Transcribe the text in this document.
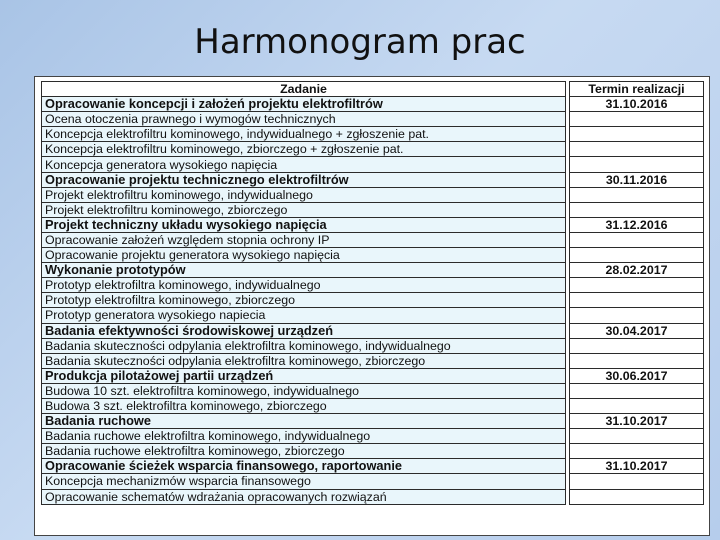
Harmonogram prac
Zadanie		Termin realizacji
Opracowanie koncepcji i założeń projektu elektrofiltrów		31.10.2016
Ocena otoczenia prawnego i wymogów technicznych		
Koncepcja elektrofiltru kominowego, indywidualnego + zgłoszenie pat.		
Koncepcja elektrofiltru kominowego, zbiorczego + zgłoszenie pat.		
Koncepcja generatora wysokiego napięcia		
Opracowanie projektu technicznego elektrofiltrów		30.11.2016
Projekt elektrofiltru kominowego, indywidualnego		
Projekt elektrofiltru kominowego, zbiorczego		
Projekt techniczny układu wysokiego napięcia		31.12.2016
Opracowanie założeń względem stopnia ochrony IP		
Opracowanie projektu generatora wysokiego napięcia		
Wykonanie prototypów		28.02.2017
Prototyp elektrofiltra kominowego, indywidualnego		
Prototyp elektrofiltra kominowego, zbiorczego		
Prototyp generatora wysokiego napiecia		
Badania efektywności środowiskowej urządzeń		30.04.2017
Badania skuteczności odpylania elektrofiltra kominowego, indywidualnego		
Badania skuteczności odpylania elektrofiltra kominowego, zbiorczego		
Produkcja pilotażowej partii urządzeń		30.06.2017
Budowa 10 szt. elektrofiltra kominowego, indywidualnego		
Budowa 3 szt. elektrofiltra kominowego, zbiorczego		
Badania ruchowe		31.10.2017
Badania ruchowe elektrofiltra kominowego, indywidualnego		
Badania ruchowe elektrofiltra kominowego, zbiorczego		
Opracowanie ścieżek wsparcia finansowego, raportowanie		31.10.2017
Koncepcja mechanizmów wsparcia finansowego		
Opracowanie schematów wdrażania opracowanych rozwiązań		
